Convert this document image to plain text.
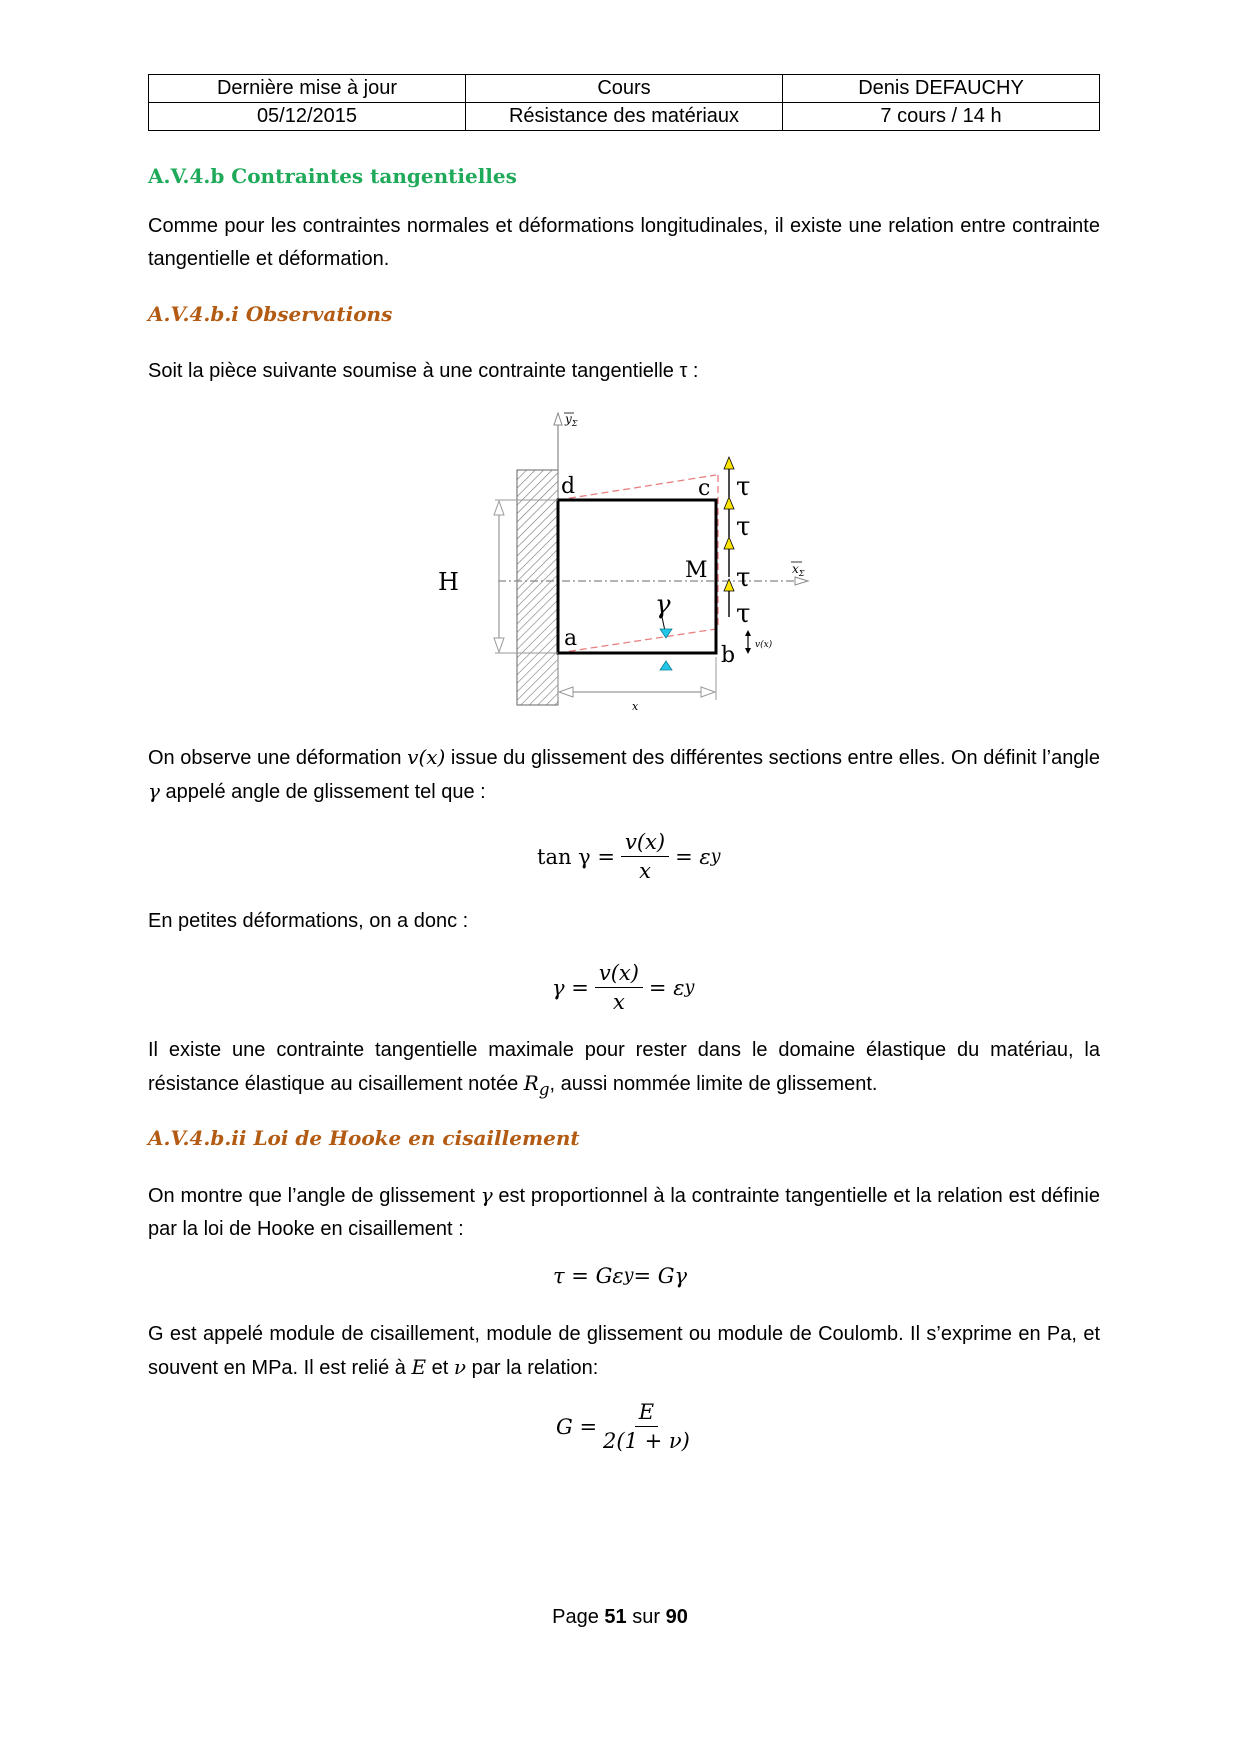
Dernière mise à jour	Cours	Denis DEFAUCHY
05/12/2015	Résistance des matériaux	7 cours / 14 h
A.V.4.b Contraintes tangentielles

Comme pour les contraintes normales et déformations longitudinales, il existe une relation entre contrainte tangentielle et déformation.

A.V.4.b.i Observations

Soit la pièce suivante soumise à une contrainte tangentielle τ :

$y_\Sigma$
$x_\Sigma$
H
x
d	c
a
b
M
γ
τ
τ
τ
τ
v(x)

On observe une déformation v(x) issue du glissement des différentes sections entre elles. On définit l’angle γ appelé angle de glissement tel que :

$\tan \gamma = \frac{v(x)}{x} = \varepsilon$ y

En petites déformations, on a donc :

$\gamma = \frac{v(x)}{x} = \varepsilon$ y

Il existe une contrainte tangentielle maximale pour rester dans le domaine élastique du matériau, la résistance élastique au cisaillement notée $R_g$, aussi nommée limite de glissement.

A.V.4.b.ii Loi de Hooke en cisaillement

On montre que l’angle de glissement γ est proportionnel à la contrainte tangentielle et la relation est définie par la loi de Hooke en cisaillement :

τ = Gε y = Gγ

G est appelé module de cisaillement, module de glissement ou module de Coulomb. Il s’exprime en Pa, et souvent en MPa. Il est relié à E et ν par la relation:

$G = \frac{E}{2(1 + \nu)}$
Page 51 sur 90
